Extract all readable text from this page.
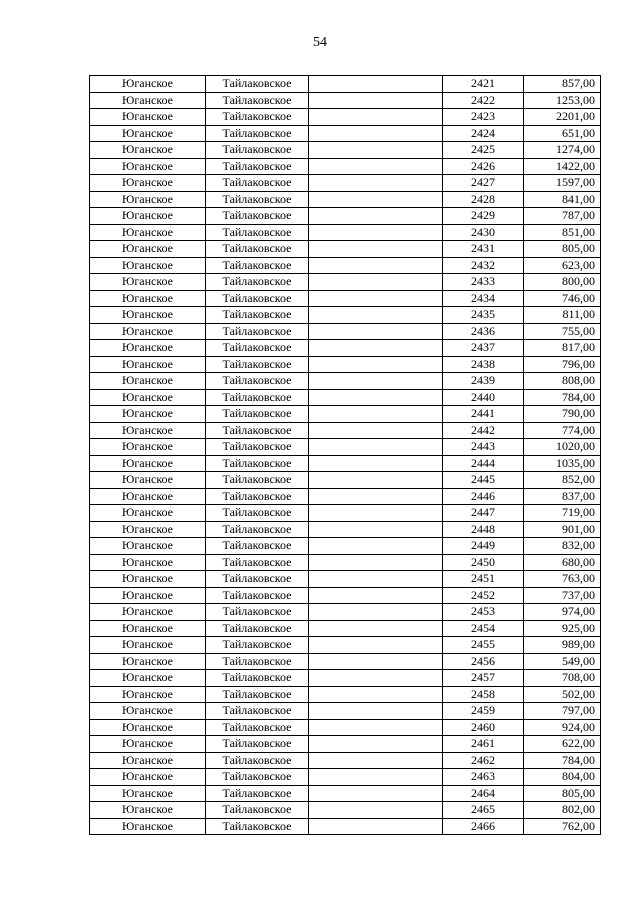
54
Юганское	Тайлаковское		2421	857,00
Юганское	Тайлаковское		2422	1253,00
Юганское	Тайлаковское		2423	2201,00
Юганское	Тайлаковское		2424	651,00
Юганское	Тайлаковское		2425	1274,00
Юганское	Тайлаковское		2426	1422,00
Юганское	Тайлаковское		2427	1597,00
Юганское	Тайлаковское		2428	841,00
Юганское	Тайлаковское		2429	787,00
Юганское	Тайлаковское		2430	851,00
Юганское	Тайлаковское		2431	805,00
Юганское	Тайлаковское		2432	623,00
Юганское	Тайлаковское		2433	800,00
Юганское	Тайлаковское		2434	746,00
Юганское	Тайлаковское		2435	811,00
Юганское	Тайлаковское		2436	755,00
Юганское	Тайлаковское		2437	817,00
Юганское	Тайлаковское		2438	796,00
Юганское	Тайлаковское		2439	808,00
Юганское	Тайлаковское		2440	784,00
Юганское	Тайлаковское		2441	790,00
Юганское	Тайлаковское		2442	774,00
Юганское	Тайлаковское		2443	1020,00
Юганское	Тайлаковское		2444	1035,00
Юганское	Тайлаковское		2445	852,00
Юганское	Тайлаковское		2446	837,00
Юганское	Тайлаковское		2447	719,00
Юганское	Тайлаковское		2448	901,00
Юганское	Тайлаковское		2449	832,00
Юганское	Тайлаковское		2450	680,00
Юганское	Тайлаковское		2451	763,00
Юганское	Тайлаковское		2452	737,00
Юганское	Тайлаковское		2453	974,00
Юганское	Тайлаковское		2454	925,00
Юганское	Тайлаковское		2455	989,00
Юганское	Тайлаковское		2456	549,00
Юганское	Тайлаковское		2457	708,00
Юганское	Тайлаковское		2458	502,00
Юганское	Тайлаковское		2459	797,00
Юганское	Тайлаковское		2460	924,00
Юганское	Тайлаковское		2461	622,00
Юганское	Тайлаковское		2462	784,00
Юганское	Тайлаковское		2463	804,00
Юганское	Тайлаковское		2464	805,00
Юганское	Тайлаковское		2465	802,00
Юганское	Тайлаковское		2466	762,00
